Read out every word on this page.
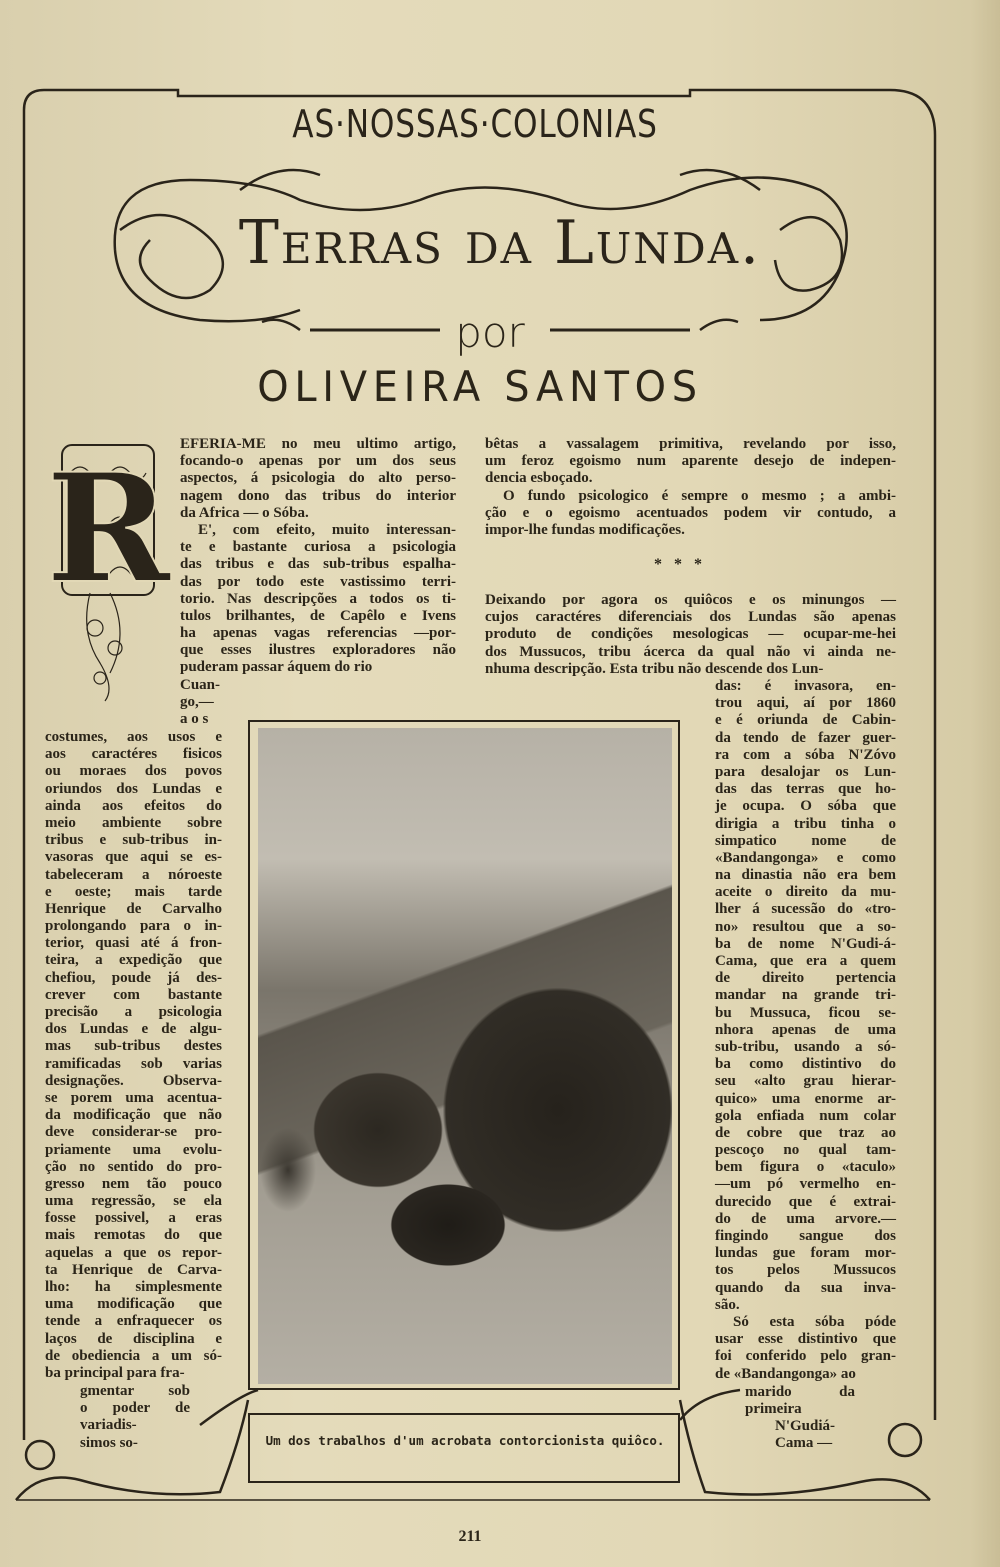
AS·NOSSAS·COLONIAS
Terras da Lunda.
por
OLIVEIRA SANTOS
R EFERIA-ME no meu ultimo artigo,
focando-o apenas por um dos seus
aspectos, á psicologia do alto perso-
nagem dono das tribus do interior
da Africa — o Sóba.
E', com efeito, muito interessan-
te e bastante curiosa a psicologia
das tribus e das sub-tribus espalha-
das por todo este vastissimo terri-
torio. Nas descripções a todos os ti-
tulos brilhantes, de Capêlo e Ivens
ha apenas vagas referencias —por-
que esses ilustres exploradores não
puderam passar áquem do rio
Cuan-
go,—
a o s
costumes, aos usos e
aos caractéres fisicos
ou moraes dos povos
oriundos dos Lundas e
ainda aos efeitos do
meio ambiente sobre
tribus e sub-tribus in-
vasoras que aqui se es-
tabeleceram a nóroeste
e oeste; mais tarde
Henrique de Carvalho
prolongando para o in-
terior, quasi até á fron-
teira, a expedição que
chefiou, poude já des-
crever com bastante
precisão a psicologia
dos Lundas e de algu-
mas sub-tribus destes
ramificadas sob varias
designações. Observa-
se porem uma acentua-
da modificação que não
deve considerar-se pro-
priamente uma evolu-
ção no sentido do pro-
gresso nem tão pouco
uma regressão, se ela
fosse possivel, a eras
mais remotas do que
aquelas a que os repor-
ta Henrique de Carva-
lho: ha simplesmente
uma modificação que
tende a enfraquecer os
laços de disciplina e
de obediencia a um só-
ba principal para fra-
gmentar sob
o poder de
variadis-
simos so-
bêtas a vassalagem primitiva, revelando por isso,
um feroz egoismo num aparente desejo de indepen-
dencia esboçado.
O fundo psicologico é sempre o mesmo ; a ambi-
ção e o egoismo acentuados podem vir contudo, a
impor-lhe fundas modificações.
* * *
Deixando por agora os quiôcos e os minungos —
cujos caractéres diferenciais dos Lundas são apenas
produto de condições mesologicas — ocupar-me-hei
dos Mussucos, tribu ácerca da qual não vi ainda ne-
nhuma descripção. Esta tribu não descende dos Lun-
das: é invasora, en-
trou aqui, aí por 1860
e é oriunda de Cabin-
da tendo de fazer guer-
ra com a sóba N'Zóvo
para desalojar os Lun-
das das terras que ho-
je ocupa. O sóba que
dirigia a tribu tinha o
simpatico nome de
«Bandangonga» e como
na dinastia não era bem
aceite o direito da mu-
lher á sucessão do «tro-
no» resultou que a so-
ba de nome N'Gudi-á-
Cama, que era a quem
de direito pertencia
mandar na grande tri-
bu Mussuca, ficou se-
nhora apenas de uma
sub-tribu, usando a só-
ba como distintivo do
seu «alto grau hierar-
quico» uma enorme ar-
gola enfiada num colar
de cobre que traz ao
pescoço no qual tam-
bem figura o «taculo»
—um pó vermelho en-
durecido que é extrai-
do de uma arvore.—
fingindo sangue dos
lundas gue foram mor-
tos pelos Mussucos
quando da sua inva-
são.
Só esta sóba póde
usar esse distintivo que
foi conferido pelo gran-
de «Bandangonga» ao
marido da
primeira
N'Gudiá-
Cama —
Um dos trabalhos d'um acrobata contorcionista quiôco.
211
